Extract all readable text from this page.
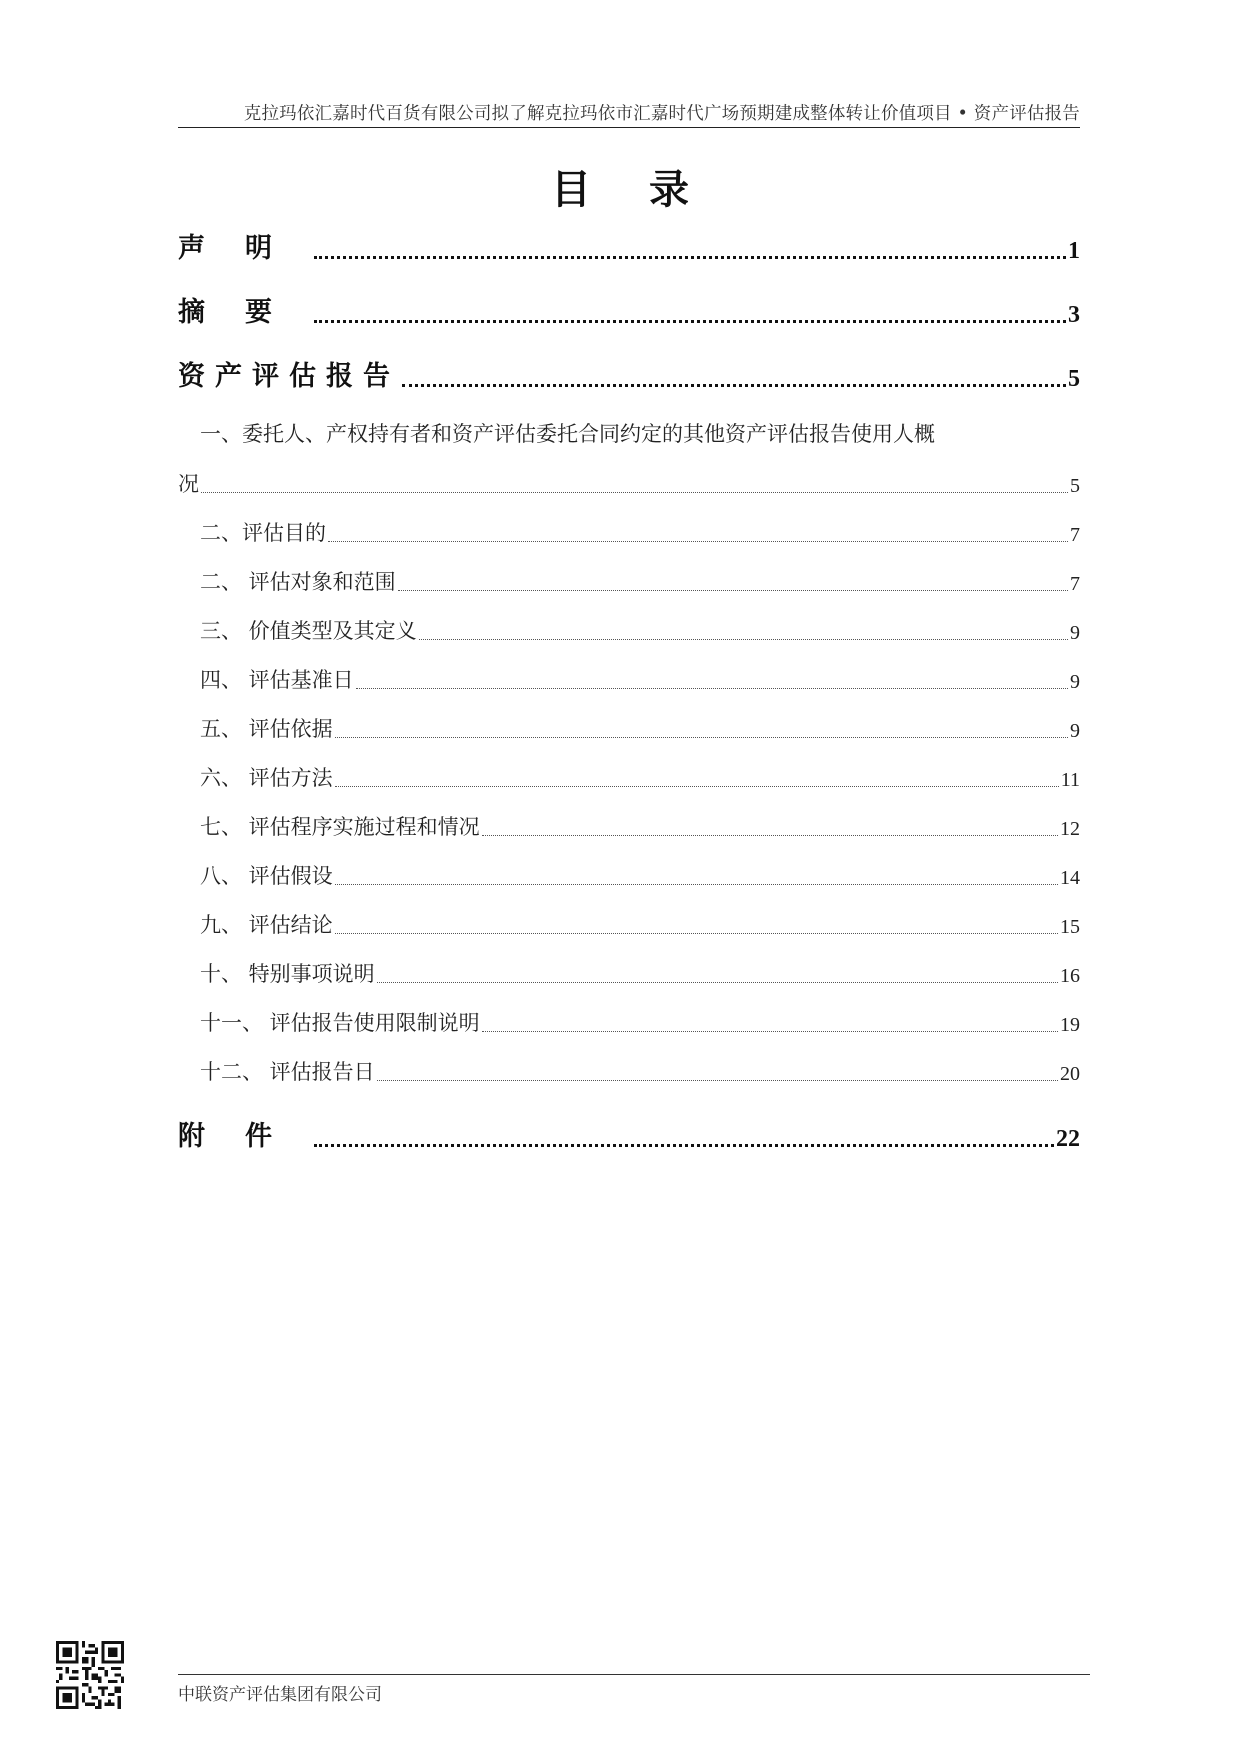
克拉玛依汇嘉时代百货有限公司拟了解克拉玛依市汇嘉时代广场预期建成整体转让价值项目 • 资产评估报告
目录
声明	1
摘要	3
资产评估报告	5
一、委托人、产权持有者和资产评估委托合同约定的其他资产评估报告使用人概
况	5
二、评估目的	7
二、 评估对象和范围	7
三、 价值类型及其定义	9
四、 评估基准日	9
五、 评估依据	9
六、 评估方法	11
七、 评估程序实施过程和情况	12
八、 评估假设	14
九、 评估结论	15
十、 特别事项说明	16
十一、 评估报告使用限制说明	19
十二、 评估报告日	20
附件	22
中联资产评估集团有限公司
